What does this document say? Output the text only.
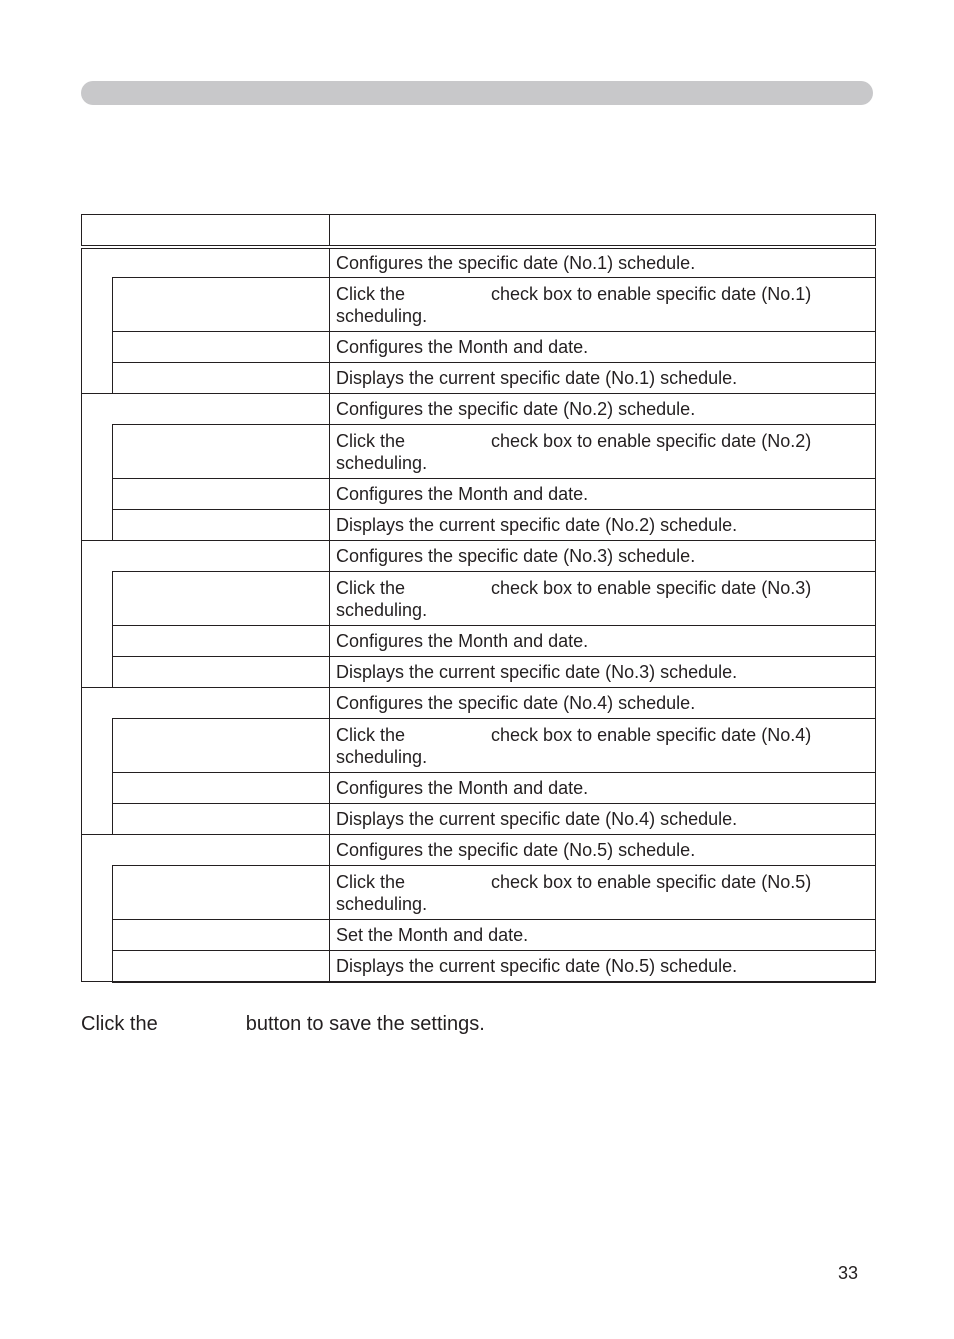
		Configures the specific date (No.1) schedule.

		Click the check box to enable specific date (No.1)
scheduling.
		Configures the Month and date.
		Displays the current specific date (No.1) schedule.
		Configures the specific date (No.2) schedule.

		Click the check box to enable specific date (No.2)
scheduling.
		Configures the Month and date.
		Displays the current specific date (No.2) schedule.
		Configures the specific date (No.3) schedule.

		Click the check box to enable specific date (No.3)
scheduling.
		Configures the Month and date.
		Displays the current specific date (No.3) schedule.
		Configures the specific date (No.4) schedule.

		Click the check box to enable specific date (No.4)
scheduling.
		Configures the Month and date.
		Displays the current specific date (No.4) schedule.
		Configures the specific date (No.5) schedule.

		Click the check box to enable specific date (No.5)
scheduling.
		Set the Month and date.
		Displays the current specific date (No.5) schedule.
Click the	button to save the settings.
33
